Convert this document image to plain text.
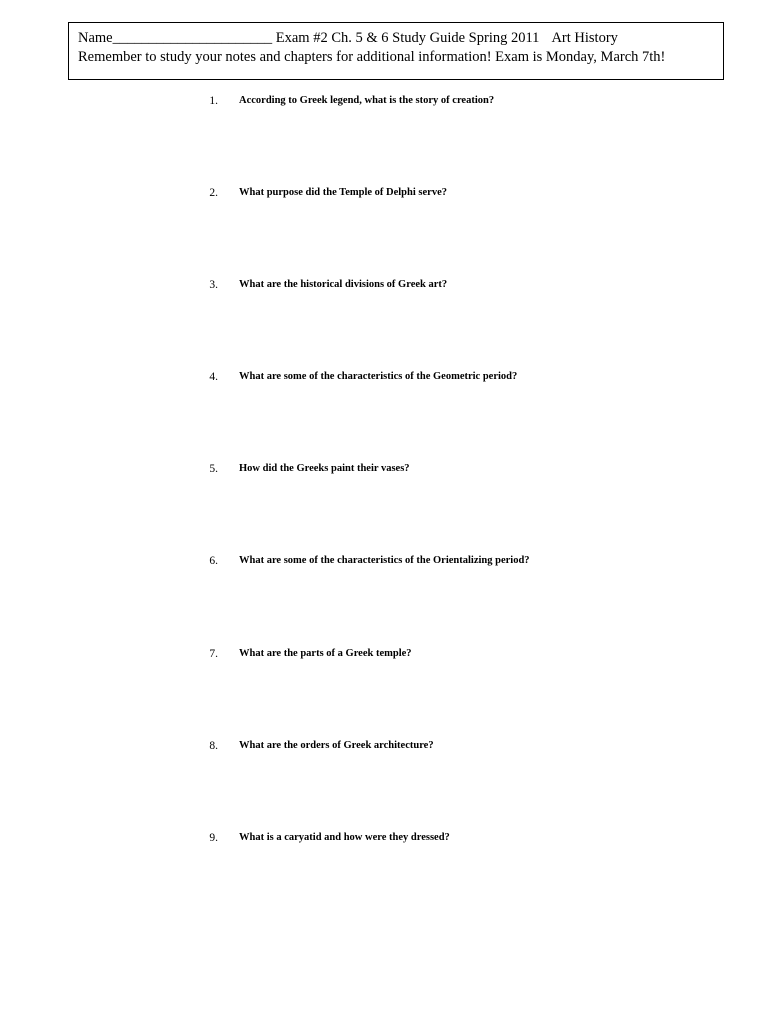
Name______________________ Exam #2 Ch. 5 & 6 Study Guide Spring 2011 Art History
Remember to study your notes and chapters for additional information! Exam is Monday, March 7th!
1. According to Greek legend, what is the story of creation?
2. What purpose did the Temple of Delphi serve?
3. What are the historical divisions of Greek art?
4. What are some of the characteristics of the Geometric period?
5. How did the Greeks paint their vases?
6. What are some of the characteristics of the Orientalizing period?
7. What are the parts of a Greek temple?
8. What are the orders of Greek architecture?
9. What is a caryatid and how were they dressed?
